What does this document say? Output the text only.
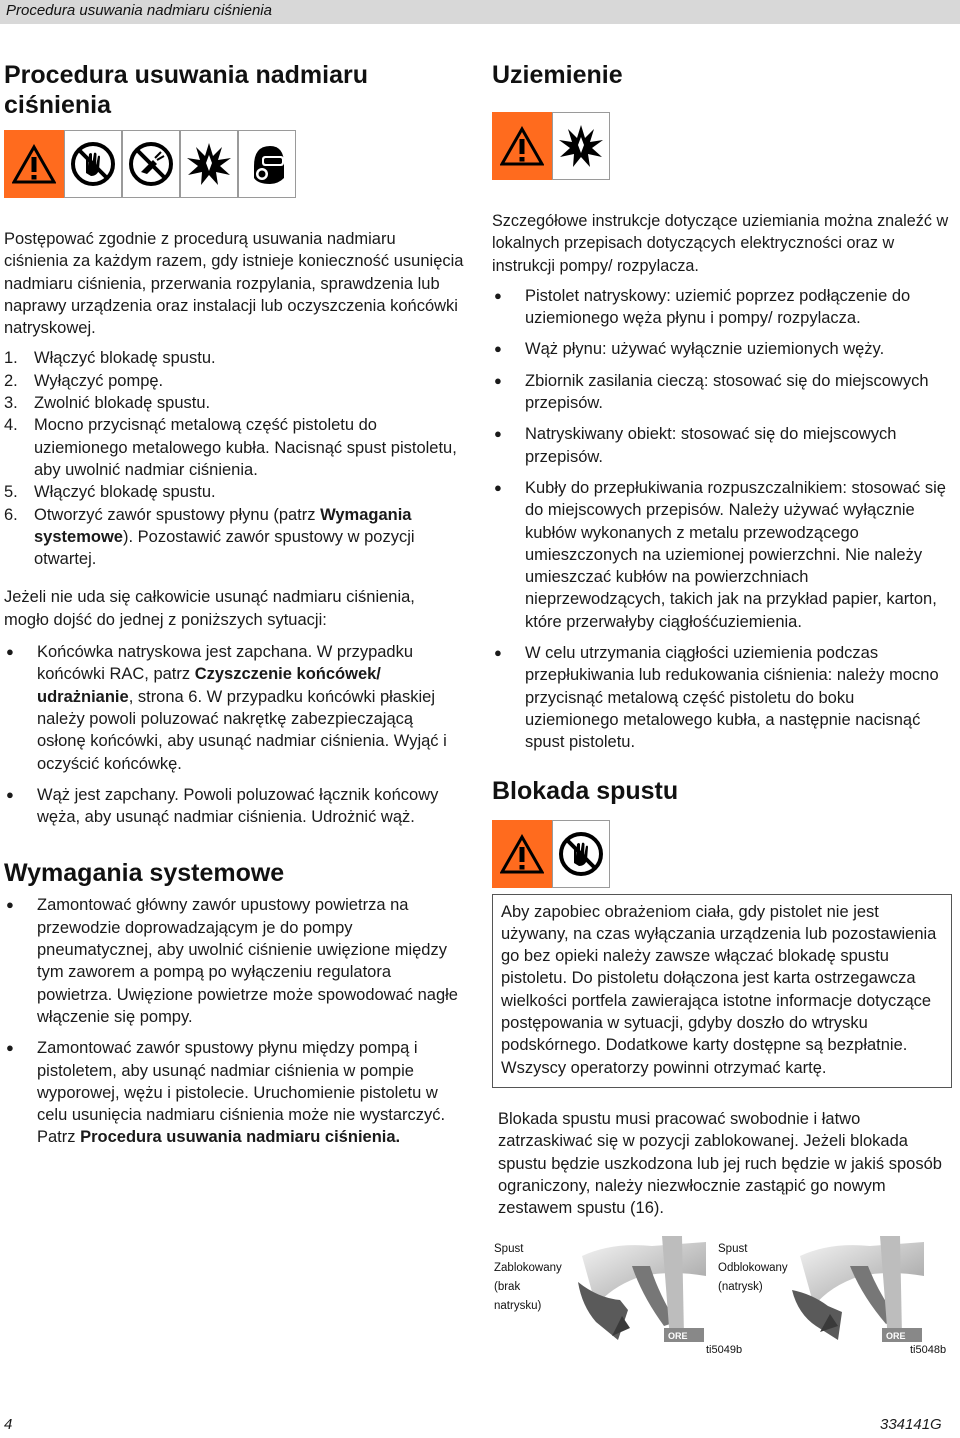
Procedura usuwania nadmiaru ciśnienia
Procedura usuwania nadmiaru
ciśnienia

Postępować zgodnie z procedurą usuwania nadmiaru ciśnienia za każdym razem, gdy istnieje konieczność usunięcia nadmiaru ciśnienia, przerwania rozpylania, sprawdzenia lub naprawy urządzenia oraz instalacji lub oczyszczenia końcówki natryskowej.

1. Włączyć blokadę spustu.
2. Wyłączyć pompę.
3. Zwolnić blokadę spustu.
4. Mocno przycisnąć metalową część pistoletu do uziemionego metalowego kubła. Nacisnąć spust pistoletu, aby uwolnić nadmiar ciśnienia.
5. Włączyć blokadę spustu.
6. Otworzyć zawór spustowy płynu (patrz Wymagania systemowe). Pozostawić zawór spustowy w pozycji otwartej.

Jeżeli nie uda się całkowicie usunąć nadmiaru ciśnienia, mogło dojść do jednej z poniższych sytuacji:

●	Końcówka natryskowa jest zapchana. W przypadku końcówki RAC, patrz Czyszczenie końcówek/ udrażnianie, strona 6. W przypadku końcówki płaskiej należy powoli poluzować nakrętkę zabezpieczającą osłonę końcówki, aby usunąć nadmiar ciśnienia. Wyjąć i oczyścić końcówkę.
●	Wąż jest zapchany. Powoli poluzować łącznik końcowy węża, aby usunąć nadmiar ciśnienia. Udrożnić wąż.
Wymagania systemowe
●	Zamontować główny zawór upustowy powietrza na przewodzie doprowadzającym je do pompy pneumatycznej, aby uwolnić ciśnienie uwięzione między tym zaworem a pompą po wyłączeniu regulatora powietrza. Uwięzione powietrze może spowodować nagłe włączenie się pompy.
●	Zamontować zawór spustowy płynu między pompą i pistoletem, aby usunąć nadmiar ciśnienia w pompie wyporowej, wężu i pistolecie. Uruchomienie pistoletu w celu usunięcia nadmiaru ciśnienia może nie wystarczyć. Patrz Procedura usuwania nadmiaru ciśnienia.
Uziemienie

Szczegółowe instrukcje dotyczące uziemiania można znaleźć w lokalnych przepisach dotyczących elektryczności oraz w instrukcji pompy/ rozpylacza.

●	Pistolet natryskowy: uziemić poprzez podłączenie do uziemionego węża płynu i pompy/ rozpylacza.
●	Wąż płynu: używać wyłącznie uziemionych węży.
●	Zbiornik zasilania cieczą: stosować się do miejscowych przepisów.
●	Natryskiwany obiekt: stosować się do miejscowych przepisów.
●	Kubły do przepłukiwania rozpuszczalnikiem: stosować się do miejscowych przepisów. Należy używać wyłącznie kubłów wykonanych z metalu przewodzącego umieszczonych na uziemionej powierzchni. Nie należy umieszczać kubłów na powierzchniach nieprzewodzących, takich jak na przykład papier, karton, które przerwałyby ciągłośćuziemienia.
●	W celu utrzymania ciągłości uziemienia podczas przepłukiwania lub redukowania ciśnienia: należy mocno przycisnąć metalową część pistoletu do boku uziemionego metalowego kubła, a następnie nacisnąć spust pistoletu.
Blokada spustu

Aby zapobiec obrażeniom ciała, gdy pistolet nie jest używany, na czas wyłączania urządzenia lub pozostawienia go bez opieki należy zawsze włączać blokadę spustu pistoletu. Do pistoletu dołączona jest karta ostrzegawcza wielkości portfela zawierająca istotne informacje dotyczące postępowania w sytuacji, gdyby doszło do wtrysku podskórnego. Dodatkowe karty dostępne są bezpłatnie. Wszyscy operatorzy powinni otrzymać kartę.

Blokada spustu musi pracować swobodnie i łatwo zatrzaskiwać się w pozycji zablokowanej. Jeżeli blokada spustu będzie uszkodzona lub jej ruch będzie w jakiś sposób ograniczony, należy niezwłocznie zastąpić go nowym zestawem spustu (16).

Spust
Zablokowany
(brak
natrysku)
ORE
ti5049b
Spust
Odblokowany
(natrysk)
ORE
ti5048b
4	334141G
